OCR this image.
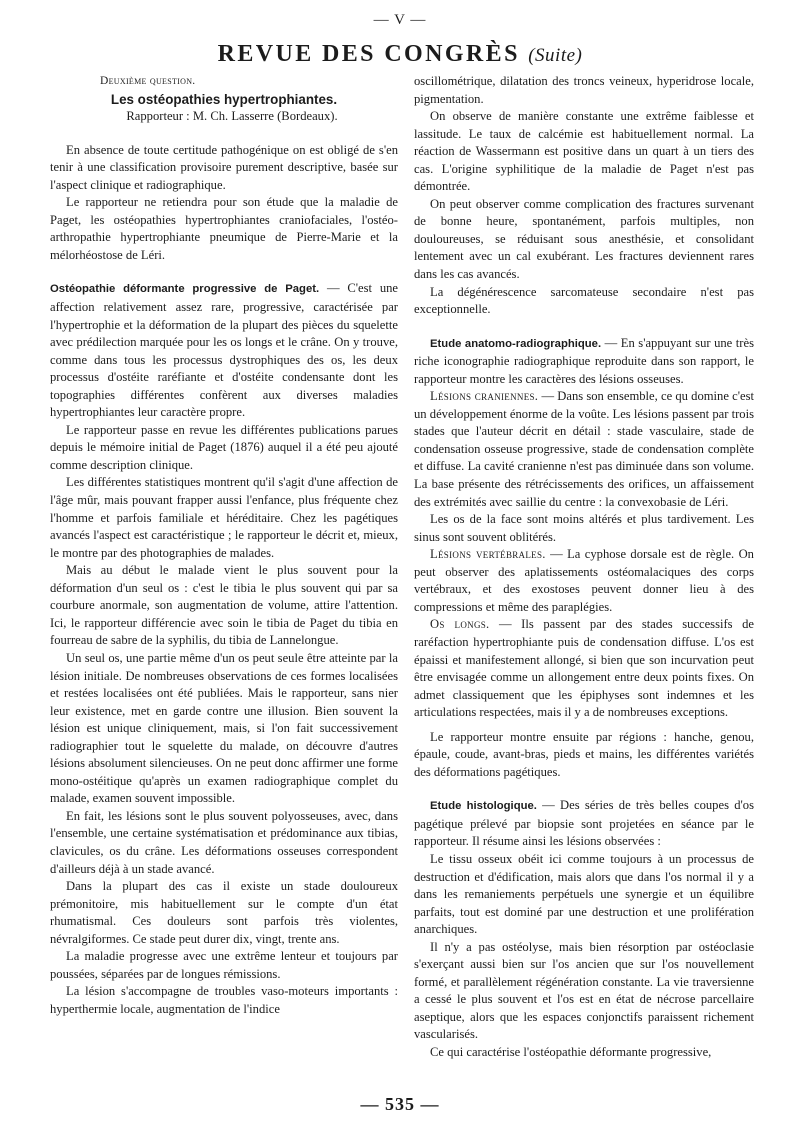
— V —
REVUE DES CONGRÈS (Suite)

Deuxième question.

Les ostéopathies hypertrophiantes.

Rapporteur : M. Ch. Lasserre (Bordeaux).

En absence de toute certitude pathogénique on est obligé de s'en tenir à une classification provisoire purement descriptive, basée sur l'aspect clinique et radiographique.

Le rapporteur ne retiendra pour son étude que la maladie de Paget, les ostéopathies hypertrophiantes craniofaciales, l'ostéo-arthropathie hypertrophiante pneumique de Pierre-Marie et la mélorhéostose de Léri.

Ostéopathie déformante progressive de Paget. — C'est une affection relativement assez rare, progressive, caractérisée par l'hypertrophie et la déformation de la plupart des pièces du squelette avec prédilection marquée pour les os longs et le crâne. On y trouve, comme dans tous les processus dystrophiques des os, les deux processus d'ostéite raréfiante et d'ostéite condensante dont les topographies différentes confèrent aux diverses maladies hypertrophiantes leur caractère propre.

Le rapporteur passe en revue les différentes publications parues depuis le mémoire initial de Paget (1876) auquel il a été peu ajouté comme description clinique.

Les différentes statistiques montrent qu'il s'agit d'une affection de l'âge mûr, mais pouvant frapper aussi l'enfance, plus fréquente chez l'homme et parfois familiale et héréditaire. Chez les pagétiques avancés l'aspect est caractéristique ; le rapporteur le décrit et, mieux, le montre par des photographies de malades.

Mais au début le malade vient le plus souvent pour la déformation d'un seul os : c'est le tibia le plus souvent qui par sa courbure anormale, son augmentation de volume, attire l'attention. Ici, le rapporteur différencie avec soin le tibia de Paget du tibia en fourreau de sabre de la syphilis, du tibia de Lannelongue.

Un seul os, une partie même d'un os peut seule être atteinte par la lésion initiale. De nombreuses observations de ces formes localisées et restées localisées ont été publiées. Mais le rapporteur, sans nier leur existence, met en garde contre une illusion. Bien souvent la lésion est unique cliniquement, mais, si l'on fait successivement radiographier tout le squelette du malade, on découvre d'autres lésions absolument silencieuses. On ne peut donc affirmer une forme mono-ostéitique qu'après un examen radiographique complet du malade, examen souvent impossible.

En fait, les lésions sont le plus souvent polyosseuses, avec, dans l'ensemble, une certaine systématisation et prédominance aux tibias, clavicules, os du crâne. Les déformations osseuses correspondent d'ailleurs déjà à un stade avancé.

Dans la plupart des cas il existe un stade douloureux prémonitoire, mis habituellement sur le compte d'un état rhumatismal. Ces douleurs sont parfois très violentes, névralgiformes. Ce stade peut durer dix, vingt, trente ans.

La maladie progresse avec une extrême lenteur et toujours par poussées, séparées par de longues rémissions.

La lésion s'accompagne de troubles vaso-moteurs importants : hyperthermie locale, augmentation de l'indice

oscillométrique, dilatation des troncs veineux, hyperidrose locale, pigmentation.

On observe de manière constante une extrême faiblesse et lassitude. Le taux de calcémie est habituellement normal. La réaction de Wassermann est positive dans un quart à un tiers des cas. L'origine syphilitique de la maladie de Paget n'est pas démontrée.

On peut observer comme complication des fractures survenant de bonne heure, spontanément, parfois multiples, non douloureuses, se réduisant sous anesthésie, et consolidant lentement avec un cal exubérant. Les fractures deviennent rares dans les cas avancés.

La dégénérescence sarcomateuse secondaire n'est pas exceptionnelle.

Etude anatomo-radiographique. — En s'appuyant sur une très riche iconographie radiographique reproduite dans son rapport, le rapporteur montre les caractères des lésions osseuses.

Lésions craniennes. — Dans son ensemble, ce qu domine c'est un développement énorme de la voûte. Les lésions passent par trois stades que l'auteur décrit en détail : stade vasculaire, stade de condensation osseuse progressive, stade de condensation complète et diffuse. La cavité cranienne n'est pas diminuée dans son volume. La base présente des rétrécissements des orifices, un affaissement des extrémités avec saillie du centre : la convexobasie de Léri.

Les os de la face sont moins altérés et plus tardivement. Les sinus sont souvent oblitérés.

Lésions vertébrales. — La cyphose dorsale est de règle. On peut observer des aplatissements ostéomalaciques des corps vertébraux, et des exostoses peuvent donner lieu à des compressions et même des paraplégies.

Os longs. — Ils passent par des stades successifs de raréfaction hypertrophiante puis de condensation diffuse. L'os est épaissi et manifestement allongé, si bien que son incurvation peut être envisagée comme un allongement entre deux points fixes. On admet classiquement que les épiphyses sont indemnes et les articulations respectées, mais il y a de nombreuses exceptions.

Le rapporteur montre ensuite par régions : hanche, genou, épaule, coude, avant-bras, pieds et mains, les différentes variétés des déformations pagétiques.

Etude histologique. — Des séries de très belles coupes d'os pagétique prélevé par biopsie sont projetées en séance par le rapporteur. Il résume ainsi les lésions observées :

Le tissu osseux obéit ici comme toujours à un processus de destruction et d'édification, mais alors que dans l'os normal il y a dans les remaniements perpétuels une synergie et un équilibre parfaits, tout est dominé par une destruction et une prolifération anarchiques.

Il n'y a pas ostéolyse, mais bien résorption par ostéoclasie s'exerçant aussi bien sur l'os ancien que sur l'os nouvellement formé, et parallèlement régénération constante. La vie traversienne a cessé le plus souvent et l'os est en état de nécrose parcellaire aseptique, alors que les espaces conjonctifs paraissent richement vascularisés.

Ce qui caractérise l'ostéopathie déformante progressive,

— 535 —
